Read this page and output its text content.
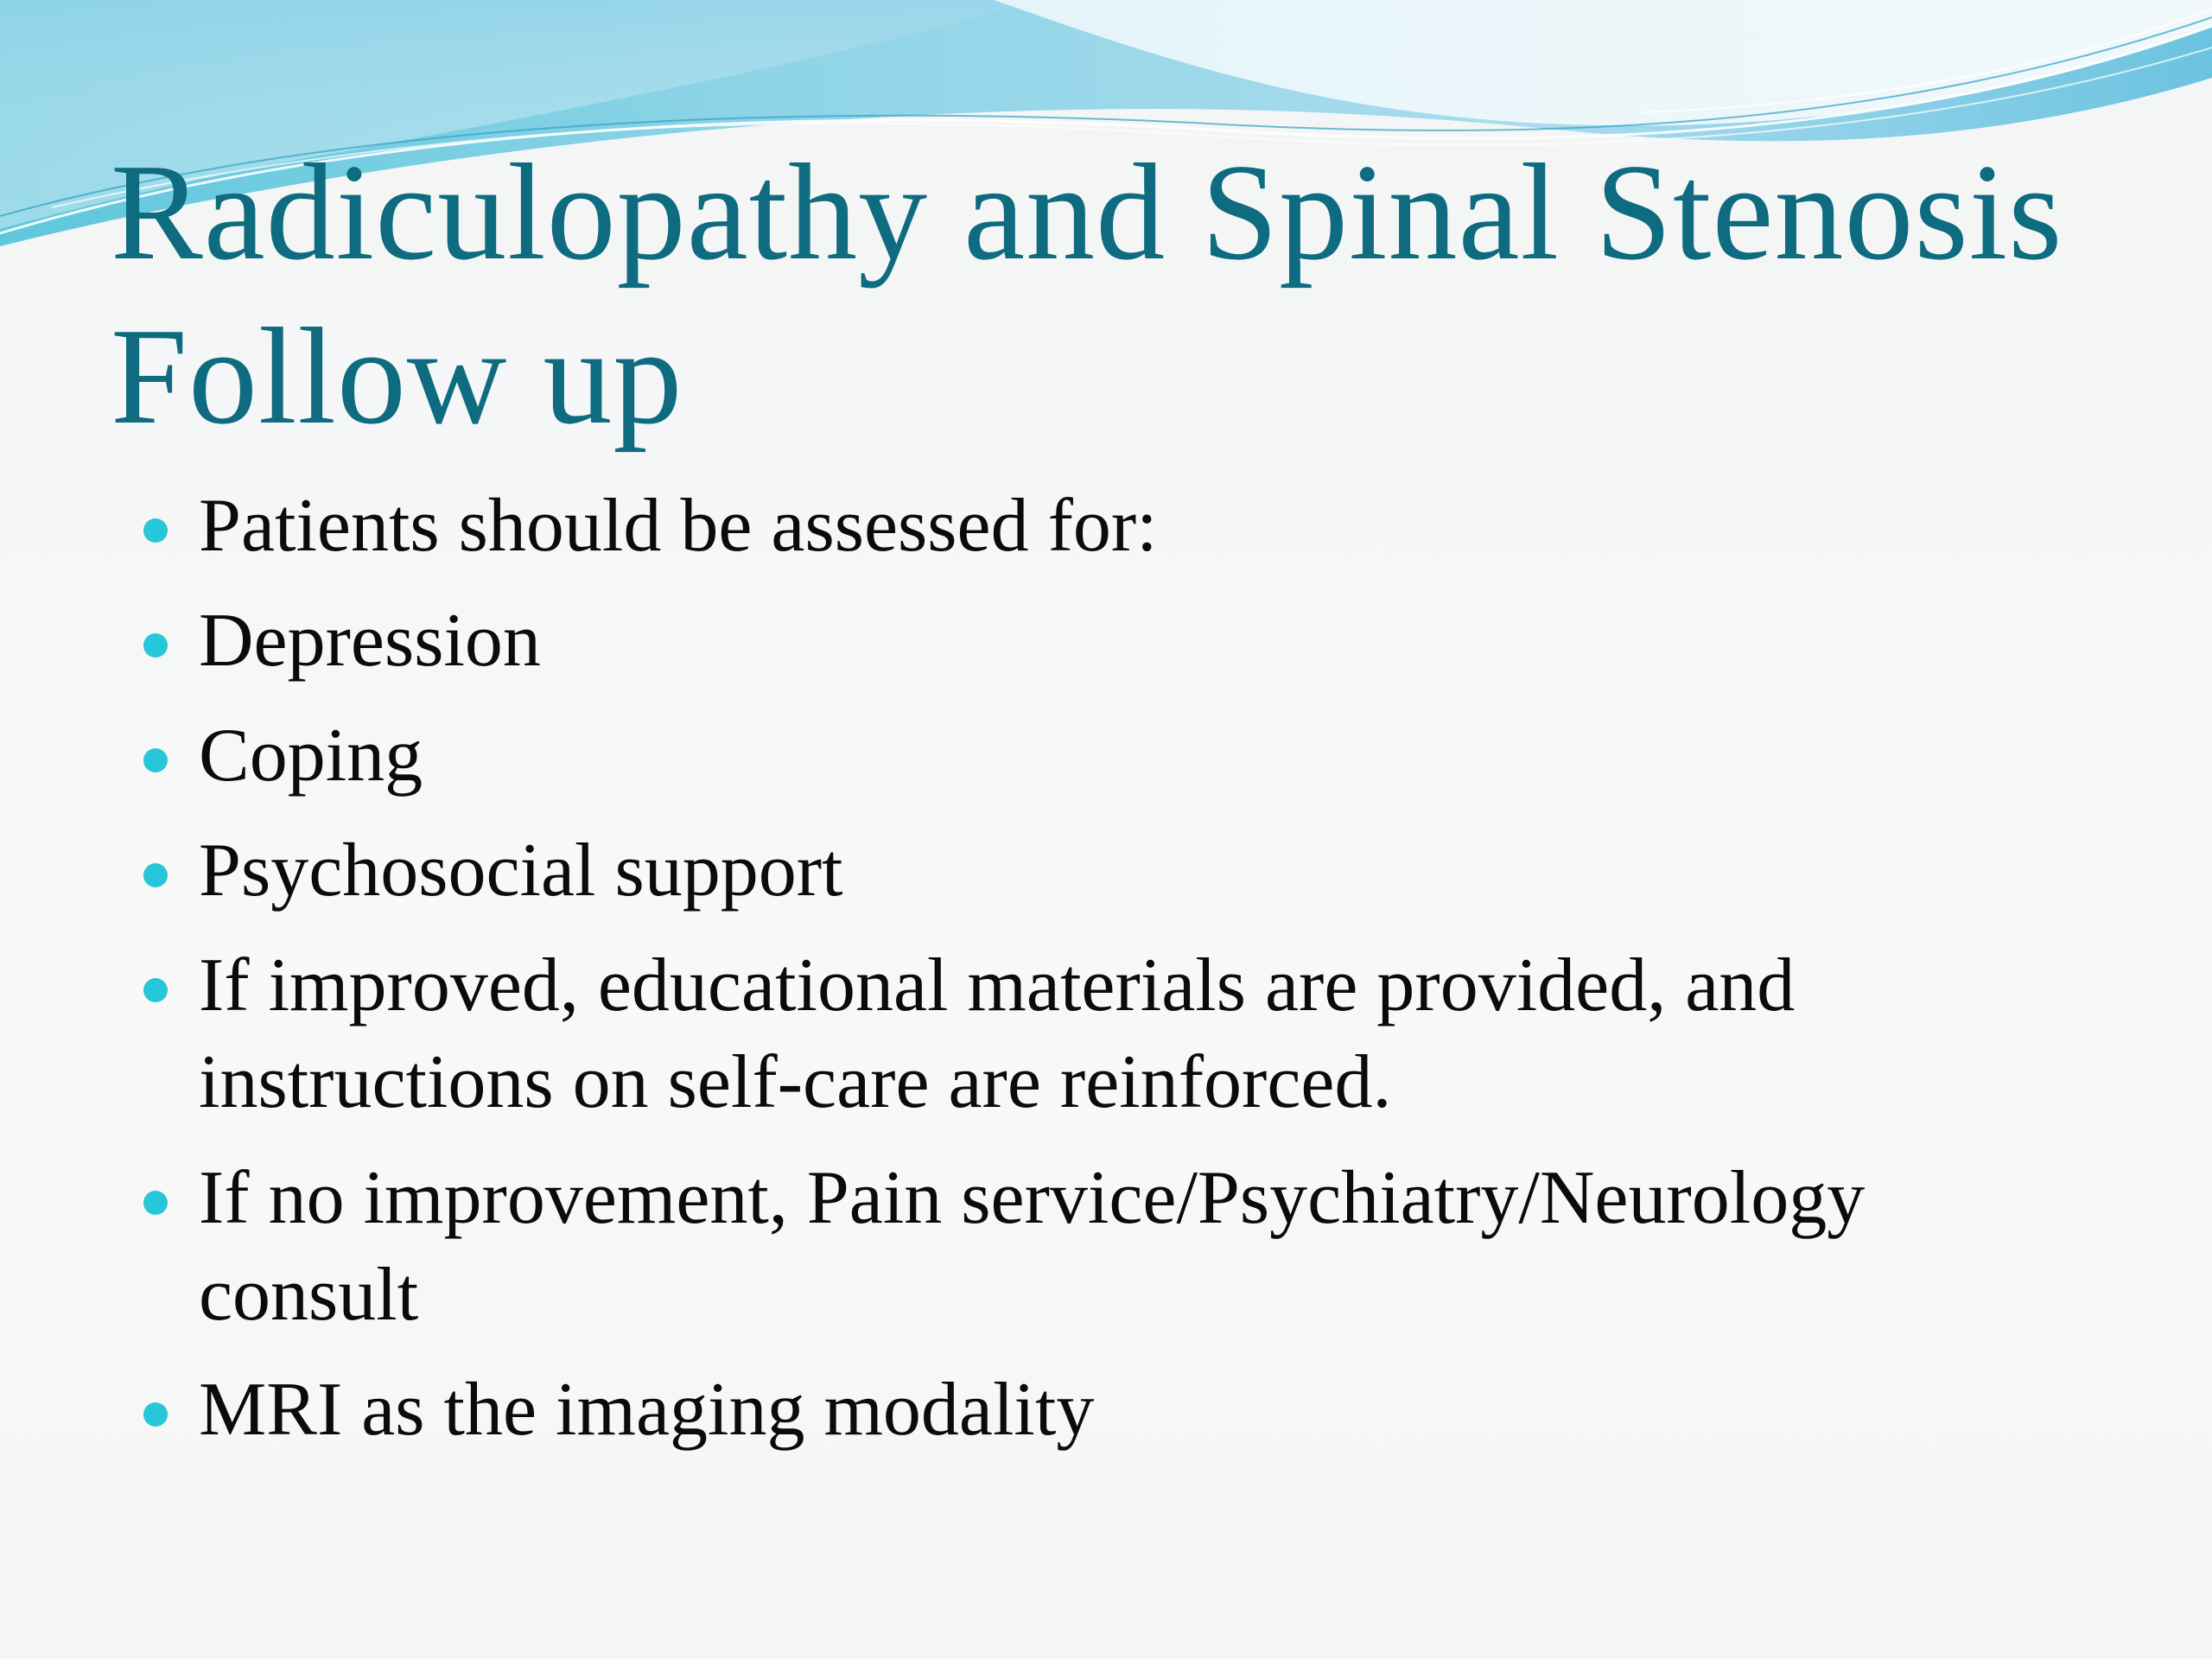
Radiculopathy and Spinal Stenosis
Follow up
Patients should be assessed for:
Depression
Coping
Psychosocial support
If improved, educational materials are provided, and
instructions on self-care are reinforced.
If no improvement, Pain service/Psychiatry/Neurology
consult
MRI as the imaging modality
